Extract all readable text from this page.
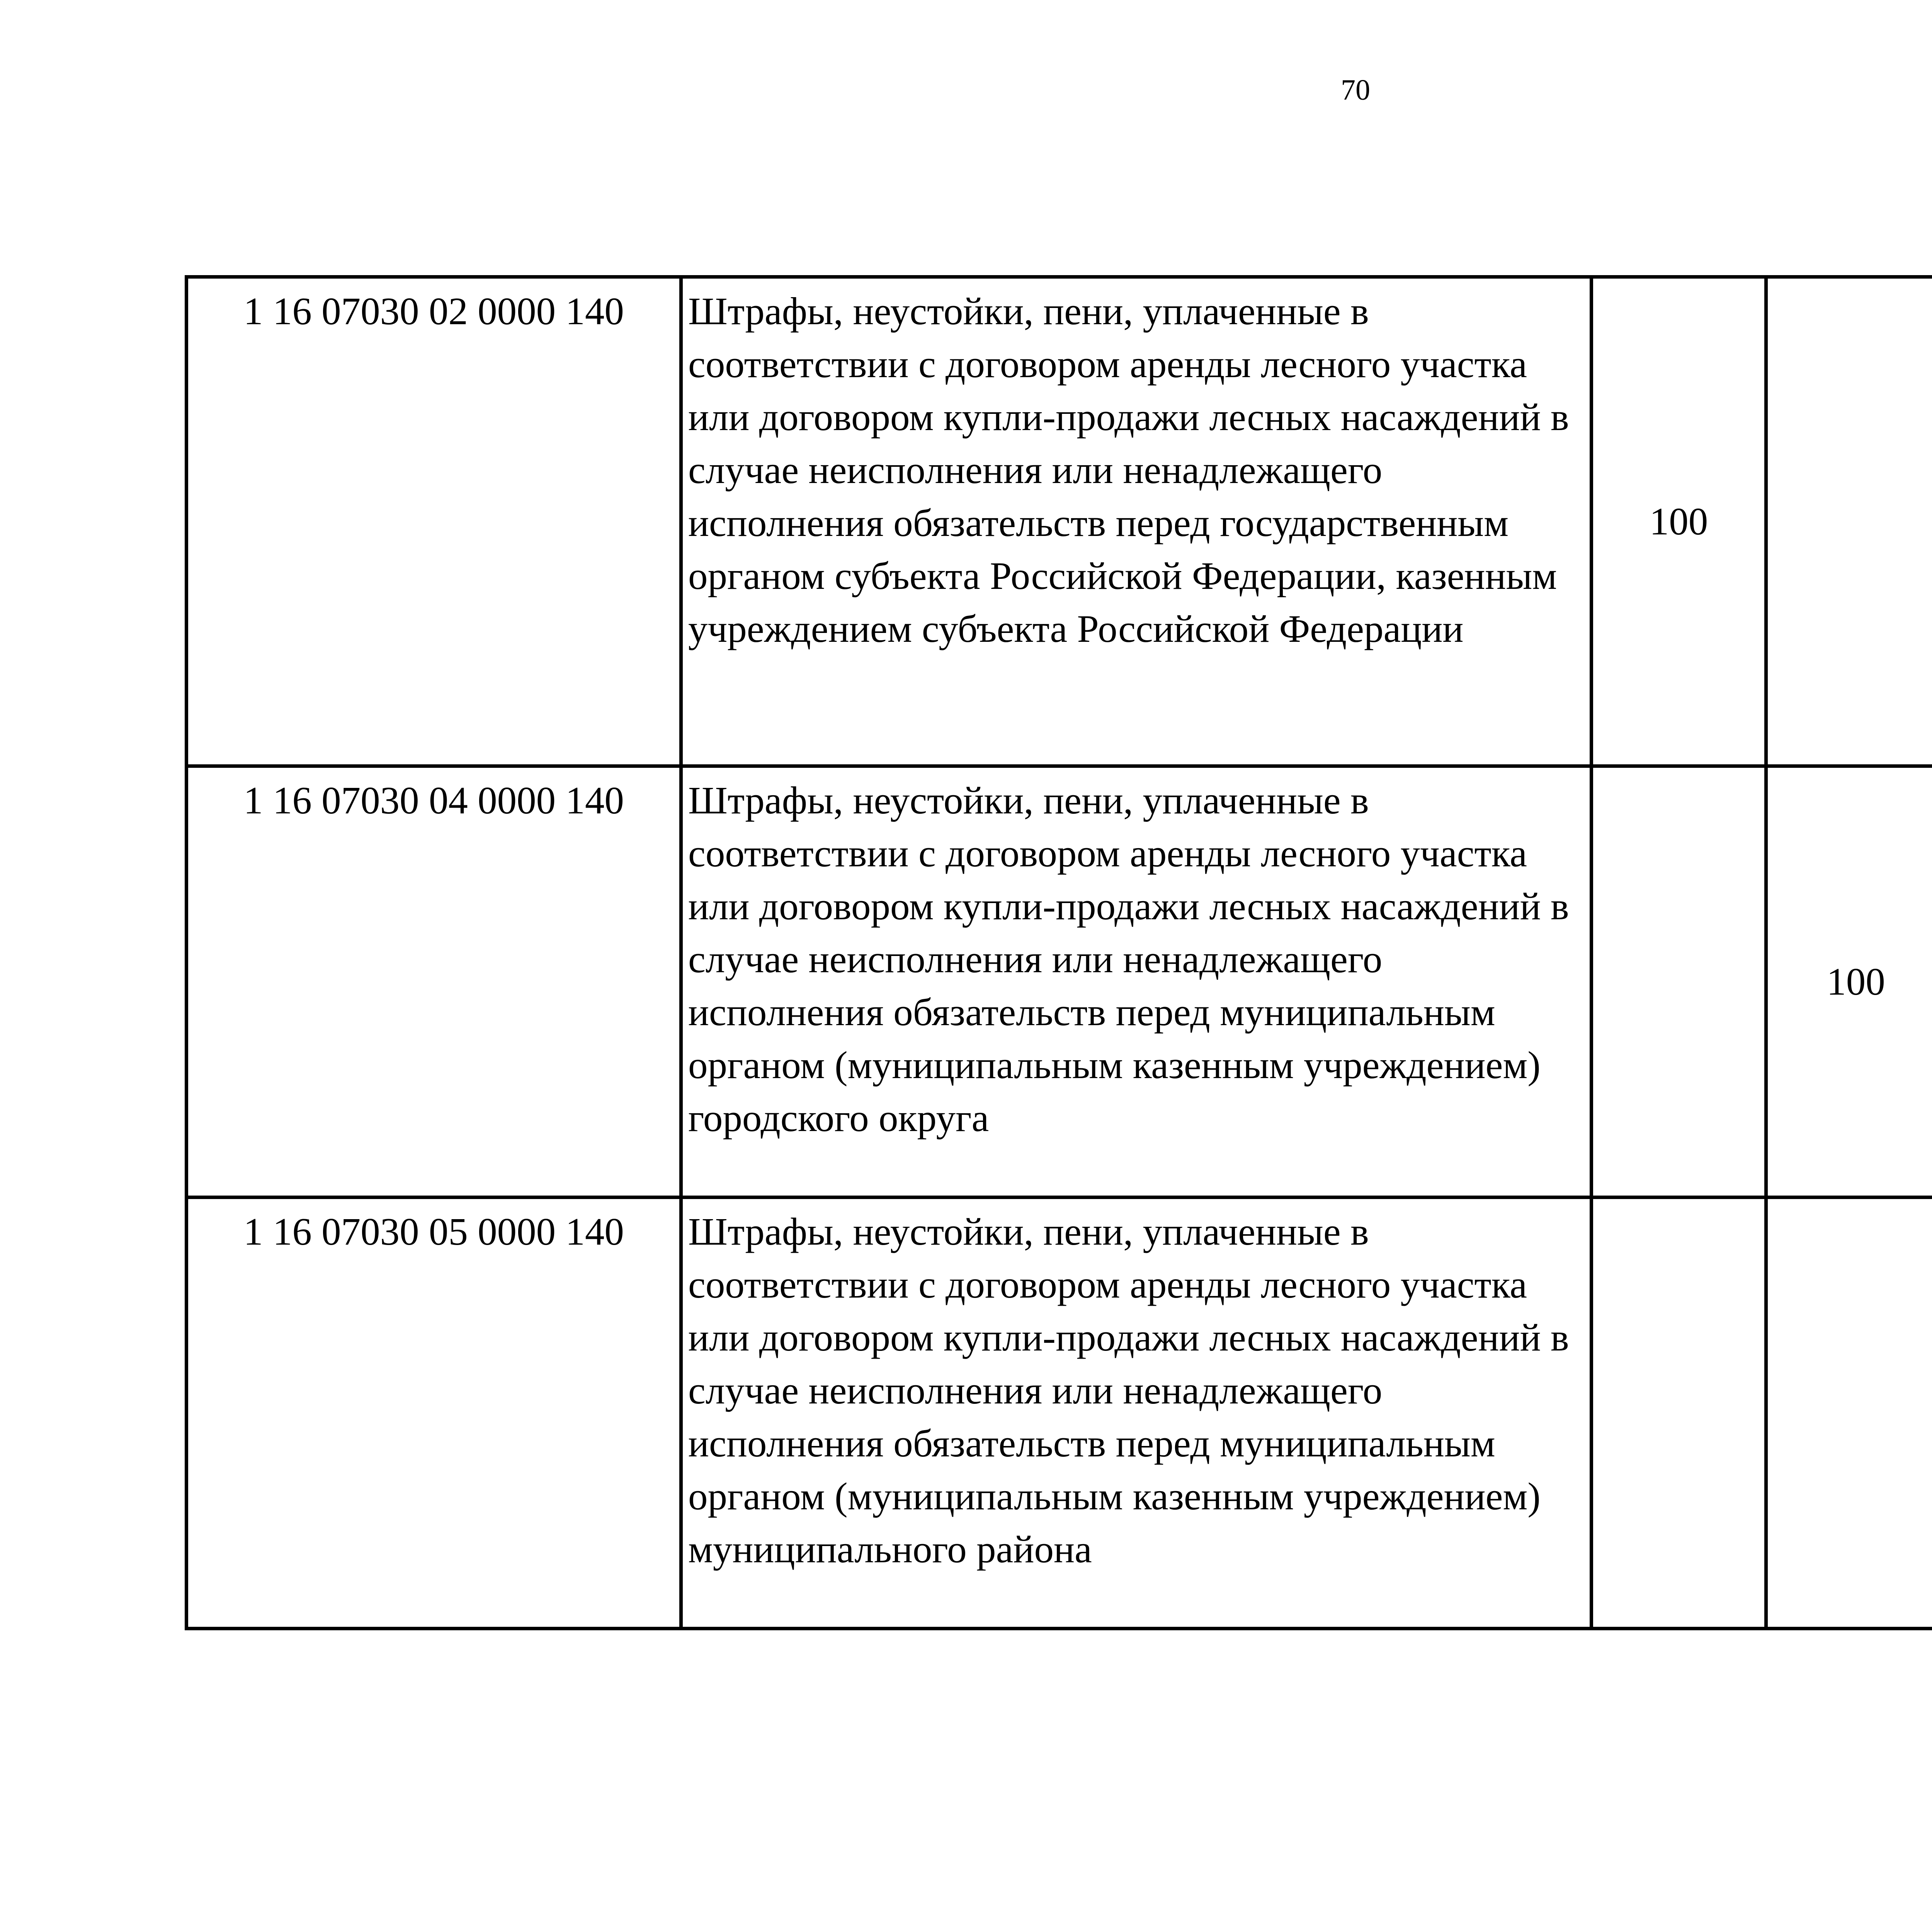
70
1 16 07030 02 0000 140	Штрафы, неустойки, пени, уплаченные в соответствии с договором аренды лесного участка или договором купли-продажи лесных насаждений в случае неисполнения или ненадлежащего исполнения обязательств перед государственным органом субъекта Российской Федерации, казенным учреждением субъекта Российской Федерации	100				
1 16 07030 04 0000 140	Штрафы, неустойки, пени, уплаченные в соответствии с договором аренды лесного участка или договором купли-продажи лесных насаждений в случае неисполнения или ненадлежащего исполнения обязательств перед муниципальным органом (муниципальным казенным учреждением) городского округа		100			
1 16 07030 05 0000 140	Штрафы, неустойки, пени, уплаченные в соответствии с договором аренды лесного участка или договором купли-продажи лесных насаждений в случае неисполнения или ненадлежащего исполнения обязательств перед муниципальным органом (муниципальным казенным учреждением) муниципального района					
